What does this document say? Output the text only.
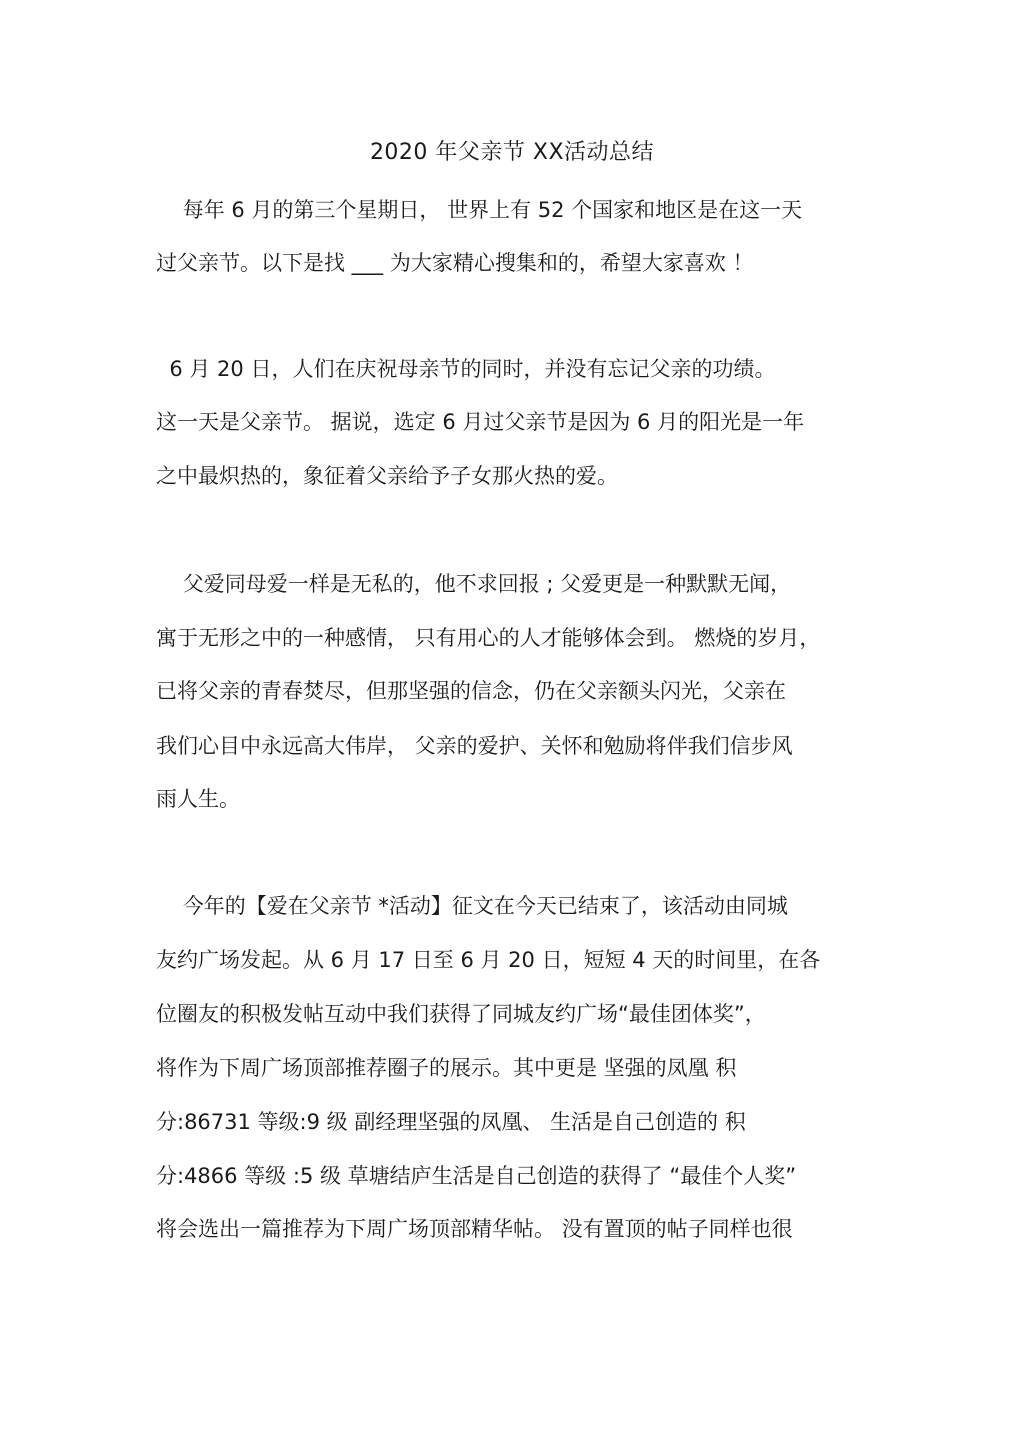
2020 年父亲节 XX活动总结
每年 6 月的第三个星期日， 世界上有 52 个国家和地区是在这一天
过父亲节。以下是找 ___ 为大家精心搜集和的，希望大家喜欢 ！
6 月 20 日，人们在庆祝母亲节的同时，并没有忘记父亲的功绩。
这一天是父亲节。 据说，选定 6 月过父亲节是因为 6 月的阳光是一年
之中最炽热的，象征着父亲给予子女那火热的爱。
父爱同母爱一样是无私的，他不求回报 ; 父爱更是一种默默无闻，
寓于无形之中的一种感情， 只有用心的人才能够体会到。 燃烧的岁月，
已将父亲的青春焚尽，但那坚强的信念，仍在父亲额头闪光，父亲在
我们心目中永远高大伟岸， 父亲的爱护、关怀和勉励将伴我们信步风
雨人生。
今年的【爱在父亲节 *活动】征文在今天已结束了，该活动由同城
友约广场发起。从 6 月 17 日至 6 月 20 日，短短 4 天的时间里，在各
位圈友的积极发帖互动中我们获得了同城友约广场“最佳团体奖”，
将作为下周广场顶部推荐圈子的展示。其中更是 坚强的凤凰 积
分:86731 等级:9 级 副经理坚强的凤凰、 生活是自己创造的 积
分:4866 等级 :5 级 草塘结庐生活是自己创造的获得了 “最佳个人奖”
将会选出一篇推荐为下周广场顶部精华帖。 没有置顶的帖子同样也很
